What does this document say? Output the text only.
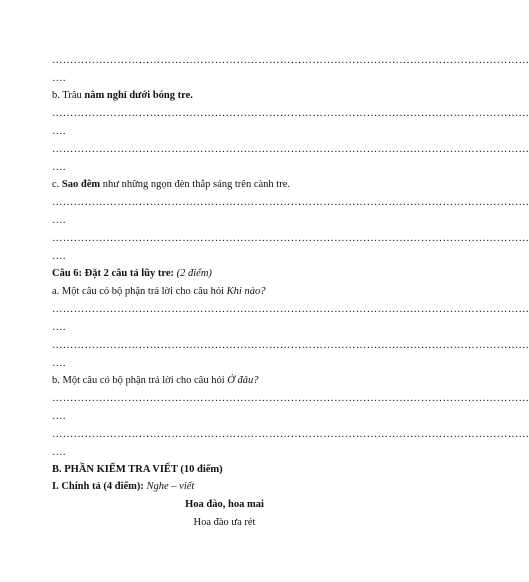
……………………………………………………………………………………………………………………
….
b. Trâu nằm nghỉ dưới bóng tre.
……………………………………………………………………………………………………………………
….
……………………………………………………………………………………………………………………
….
c. Sao đêm như những ngọn đèn thắp sáng trên cành tre.
……………………………………………………………………………………………………………………
….
……………………………………………………………………………………………………………………
….
Câu 6: Đặt 2 câu tả lũy tre: (2 điểm)
a. Một câu có bộ phận trả lời cho câu hỏi Khi nào?
……………………………………………………………………………………………………………………
….
……………………………………………………………………………………………………………………
….
b. Một câu có bộ phận trả lời cho câu hỏi Ở đâu?
……………………………………………………………………………………………………………………
….
……………………………………………………………………………………………………………………
….
B. PHẦN KIỂM TRA VIẾT (10 điểm)
I. Chính tả (4 điểm): Nghe – viết
Hoa đào, hoa mai
Hoa đào ưa rét
